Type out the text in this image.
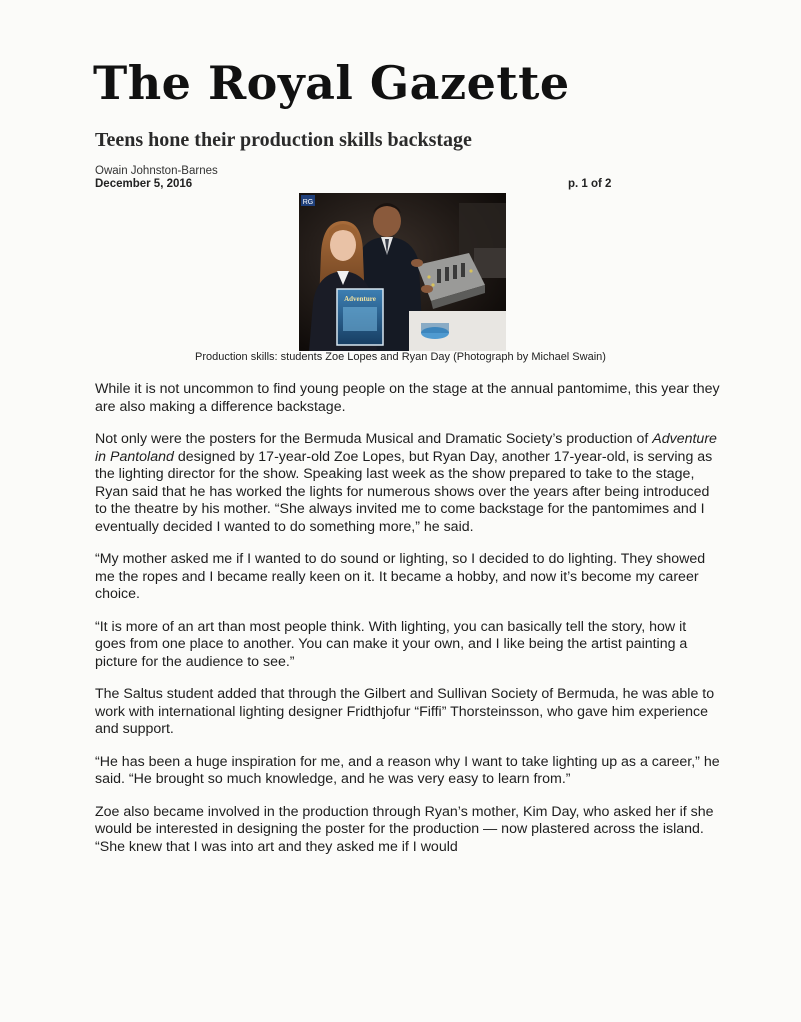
The Royal Gazette
Teens hone their production skills backstage
Owain Johnston-Barnes
December 5, 2016	p. 1 of 2
RG
Adventure
Production skills: students Zoe Lopes and Ryan Day (Photograph by Michael Swain)

While it is not uncommon to find young people on the stage at the annual pantomime, this year they are also making a difference backstage.

Not only were the posters for the Bermuda Musical and Dramatic Society’s production of Adventure in Pantoland designed by 17-year-old Zoe Lopes, but Ryan Day, another 17-year-old, is serving as the lighting director for the show. Speaking last week as the show prepared to take to the stage, Ryan said that he has worked the lights for numerous shows over the years after being introduced to the theatre by his mother. “She always invited me to come backstage for the pantomimes and I eventually decided I wanted to do something more,” he said.

“My mother asked me if I wanted to do sound or lighting, so I decided to do lighting. They showed me the ropes and I became really keen on it. It became a hobby, and now it’s become my career choice.

“It is more of an art than most people think. With lighting, you can basically tell the story, how it goes from one place to another. You can make it your own, and I like being the artist painting a picture for the audience to see.”

The Saltus student added that through the Gilbert and Sullivan Society of Bermuda, he was able to work with international lighting designer Fridthjofur “Fiffi” Thorsteinsson, who gave him experience and support.

“He has been a huge inspiration for me, and a reason why I want to take lighting up as a career,” he said. “He brought so much knowledge, and he was very easy to learn from.”

Zoe also became involved in the production through Ryan’s mother, Kim Day, who asked her if she would be interested in designing the poster for the production — now plastered across the island. “She knew that I was into art and they asked me if I would
